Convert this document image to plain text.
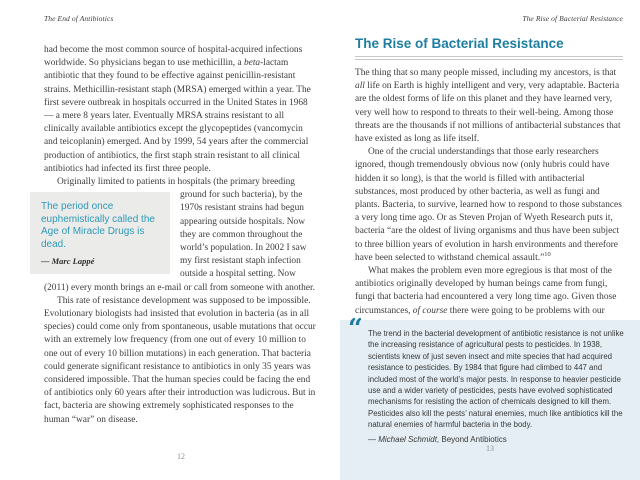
The End of Antibiotics

had become the most common source of hospital-acquired infections worldwide. So physicians began to use methicillin, a beta-lactam antibiotic that they found to be effective against penicillin-resistant strains. Methicillin-resistant staph (MRSA) emerged within a year. The first severe outbreak in hospitals occurred in the United States in 1968 — a mere 8 years later. Eventually MRSA strains resistant to all clinically available antibiotics except the glycopeptides (vancomycin and teicoplanin) emerged. And by 1999, 54 years after the commercial production of antibiotics, the first staph strain resistant to all clinical antibiotics had infected its first three people.

Originally limited to patients in hospitals (the primary breeding
The period once euphemistically called the Age of Miracle Drugs is dead.
— Marc Lappé
ground for such bacteria), by the 1970s resistant strains had begun appearing outside hospitals. Now they are common throughout the world’s population. In 2002 I saw my first resistant staph infection outside a hospital setting. Now (2011) every month brings an e-mail or call from someone with another.

This rate of resistance development was supposed to be impossible. Evolutionary biologists had insisted that evolution in bacteria (as in all species) could come only from spontaneous, usable mutations that occur with an extremely low frequency (from one out of every 10 million to one out of every 10 billion mutations) in each generation. That bacteria could generate significant resistance to antibiotics in only 35 years was considered impossible. That the human species could be facing the end of antibiotics only 60 years after their introduction was ludicrous. But in fact, bacteria are showing extremely sophisticated responses to the human “war” on disease.

12
The Rise of Bacterial Resistance
The Rise of Bacterial Resistance

The thing that so many people missed, including my ancestors, is that all life on Earth is highly intelligent and very, very adaptable. Bacteria are the oldest forms of life on this planet and they have learned very, very well how to respond to threats to their well-being. Among those threats are the thousands if not millions of antibacterial substances that have existed as long as life itself.

One of the crucial understandings that those early researchers ignored, though tremendously obvious now (only hubris could have hidden it so long), is that the world is filled with antibacterial substances, most produced by other bacteria, as well as fungi and plants. Bacteria, to survive, learned how to respond to those substances a very long time ago. Or as Steven Projan of Wyeth Research puts it, bacteria “are the oldest of living organisms and thus have been subject to three billion years of evolution in harsh environments and therefore have been selected to withstand chemical assault.”$^{10}$

What makes the problem even more egregious is that most of the antibiotics originally developed by human beings came from fungi, fungi that bacteria had encountered a very long time ago. Given those circumstances, of course there were going to be problems with our

“ The trend in the bacterial development of antibiotic resistance is not unlike the increasing resistance of agricultural pests to pesticides. In 1938, scientists knew of just seven insect and mite species that had acquired resistance to pesticides. By 1984 that figure had climbed to 447 and included most of the world’s major pests. In response to heavier pesticide use and a wider variety of pesticides, pests have evolved sophisticated mechanisms for resisting the action of chemicals designed to kill them. Pesticides also kill the pests’ natural enemies, much like antibiotics kill the natural enemies of harmful bacteria in the body.

— Michael Schmidt, Beyond Antibiotics

13
